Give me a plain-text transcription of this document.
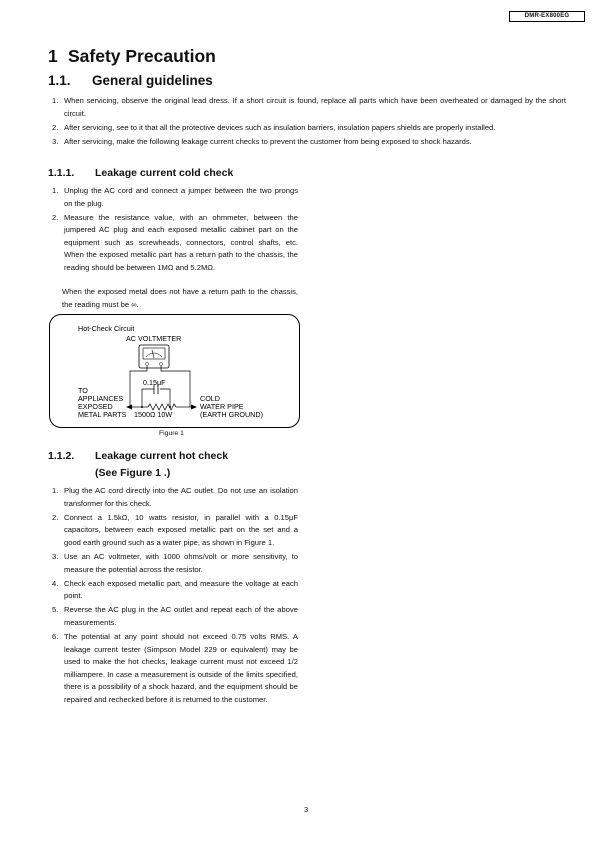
DMR-EX800EG
1 Safety Precaution
1.1. General guidelines
1. When servicing, observe the original lead dress. If a short circuit is found, replace all parts which have been overheated or damaged by the short circuit.
2. After servicing, see to it that all the protective devices such as insulation barriers, insulation papers shields are properly installed.
3. After servicing, make the following leakage current checks to prevent the customer from being exposed to shock hazards.
1.1.1. Leakage current cold check
1. Unplug the AC cord and connect a jumper between the two prongs on the plug.
2. Measure the resistance value, with an ohmmeter, between the jumpered AC plug and each exposed metallic cabinet part on the equipment such as screwheads, connectors, control shafts, etc. When the exposed metallic part has a return path to the chassis, the reading should be between 1MΩ and 5.2MΩ.

When the exposed metal does not have a return path to the chassis, the reading must be ∞.

Hot-Check Circuit
AC VOLTMETER
0.15μF
TO
APPLIANCES
EXPOSED
METAL PARTS 1500Ω 10W
COLD
WATER PIPE
(EARTH GROUND)
Figure 1
1.1.2. Leakage current hot check
(See Figure 1 .)
1. Plug the AC cord directly into the AC outlet. Do not use an isolation transformer for this check.
2. Connect a 1.5kΩ, 10 watts resistor, in parallel with a 0.15μF capacitors, between each exposed metallic part on the set and a good earth ground such as a water pipe, as shown in Figure 1.
3. Use an AC voltmeter, with 1000 ohms/volt or more sensitivity, to measure the potential across the resistor.
4. Check each exposed metallic part, and measure the voltage at each point.
5. Reverse the AC plug in the AC outlet and repeat each of the above measurements.
6. The potential at any point should not exceed 0.75 volts RMS. A leakage current tester (Simpson Model 229 or equivalent) may be used to make the hot checks, leakage current must not exceed 1/2 milliampere. In case a measurement is outside of the limits specified, there is a possibility of a shock hazard, and the equipment should be repaired and rechecked before it is returned to the customer.
3
